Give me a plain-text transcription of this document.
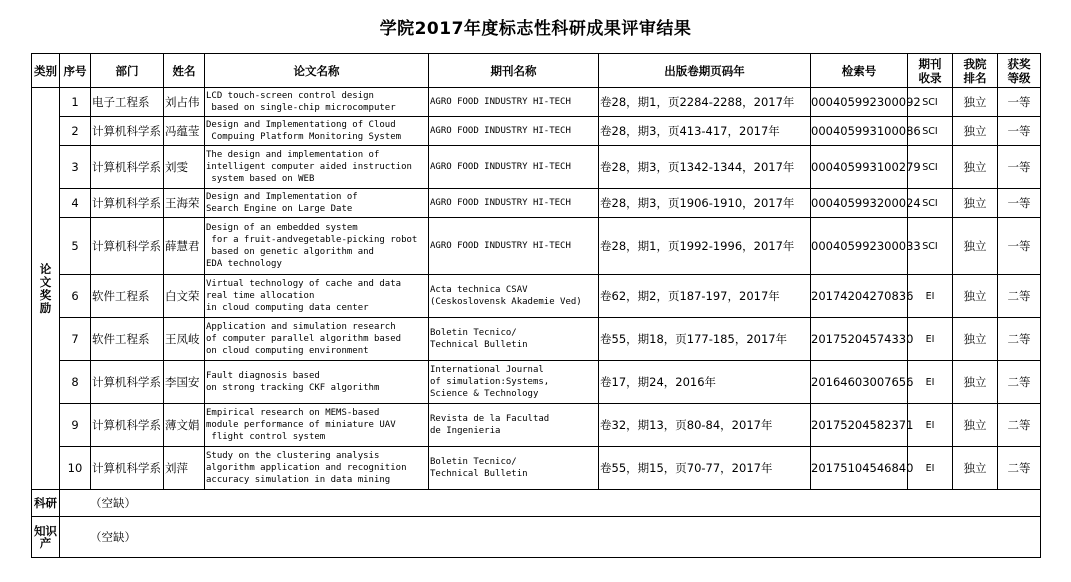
学院2017年度标志性科研成果评审结果
类别	序号	部门	姓名	论文名称	期刊名称	出版卷期页码年	检索号	期刊
收录	我院
排名	获奖
等级

论文奖励	1	电子工程系	刘占伟	LCD touch-screen control design
based on single-chip microcomputer	AGRO FOOD INDUSTRY HI-TECH	卷28，期1，页2284-2288，2017年	000405992300092	SCI	独立	一等
	2	计算机科学系	冯蕴莹	Design and Implementationg of Cloud
Compuing Platform Monitoring System	AGRO FOOD INDUSTRY HI-TECH	卷28，期3，页413-417，2017年	000405993100086	SCI	独立	一等
	3	计算机科学系	刘雯	The design and implementation of
intelligent computer aided instruction
system based on WEB	AGRO FOOD INDUSTRY HI-TECH	卷28，期3，页1342-1344，2017年	000405993100279	SCI	独立	一等
	4	计算机科学系	王海荣	Design and Implementation of
Search Engine on Large Date	AGRO FOOD INDUSTRY HI-TECH	卷28，期3，页1906-1910，2017年	000405993200024	SCI	独立	一等
	5	计算机科学系	薛慧君	Design of an embedded system
for a fruit-andvegetable-picking robot
based on genetic algorithm and
EDA technology	AGRO FOOD INDUSTRY HI-TECH	卷28，期1，页1992-1996，2017年	000405992300033	SCI	独立	一等
	6	软件工程系	白文荣	Virtual technology of cache and data
real time allocation
in cloud computing data center	Acta technica CSAV
(Ceskoslovensk Akademie Ved)	卷62，期2，页187-197，2017年	20174204270836	EI	独立	二等
	7	软件工程系	王凤岐	Application and simulation research
of computer parallel algorithm based
on cloud computing environment	Boletin Tecnico/
Technical Bulletin	卷55，期18，页177-185，2017年	20175204574330	EI	独立	二等
	8	计算机科学系	李国安	Fault diagnosis based
on strong tracking CKF algorithm	International Journal
of simulation:Systems,
Science & Technology	卷17，期24，2016年	20164603007656	EI	独立	二等
	9	计算机科学系	薄文娟	Empirical research on MEMS-based
module performance of miniature UAV
flight control system	Revista de la Facultad
de Ingenieria	卷32，期13，页80-84，2017年	20175204582371	EI	独立	二等
	10	计算机科学系	刘萍	Study on the clustering analysis
algorithm application and recognition
accuracy simulation in data mining	Boletin Tecnico/
Technical Bulletin	卷55，期15，页70-77，2017年	20175104546840	EI	独立	二等

科研	（空缺）									

知识产	（空缺）									
